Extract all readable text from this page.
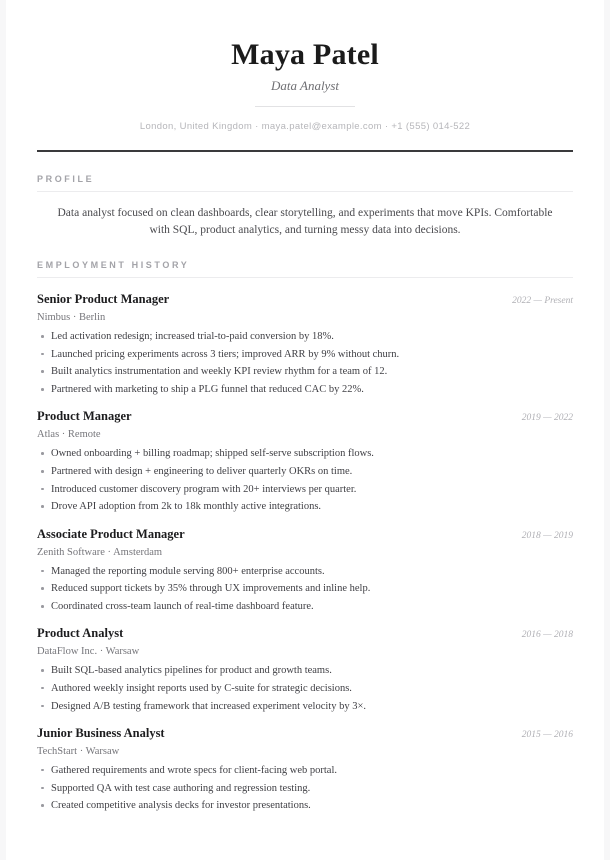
Maya Patel
Data Analyst
London, United Kingdom · maya.patel@example.com · +1 (555) 014-522
PROFILE
Data analyst focused on clean dashboards, clear storytelling, and experiments that move KPIs. Comfortable with SQL, product analytics, and turning messy data into decisions.
EMPLOYMENT HISTORY
Senior Product Manager	2022 — Present
Nimbus · Berlin
Led activation redesign; increased trial-to-paid conversion by 18%.
Launched pricing experiments across 3 tiers; improved ARR by 9% without churn.
Built analytics instrumentation and weekly KPI review rhythm for a team of 12.
Partnered with marketing to ship a PLG funnel that reduced CAC by 22%.
Product Manager	2019 — 2022
Atlas · Remote
Owned onboarding + billing roadmap; shipped self-serve subscription flows.
Partnered with design + engineering to deliver quarterly OKRs on time.
Introduced customer discovery program with 20+ interviews per quarter.
Drove API adoption from 2k to 18k monthly active integrations.
Associate Product Manager	2018 — 2019
Zenith Software · Amsterdam
Managed the reporting module serving 800+ enterprise accounts.
Reduced support tickets by 35% through UX improvements and inline help.
Coordinated cross-team launch of real-time dashboard feature.
Product Analyst	2016 — 2018
DataFlow Inc. · Warsaw
Built SQL-based analytics pipelines for product and growth teams.
Authored weekly insight reports used by C-suite for strategic decisions.
Designed A/B testing framework that increased experiment velocity by 3×.
Junior Business Analyst	2015 — 2016
TechStart · Warsaw
Gathered requirements and wrote specs for client-facing web portal.
Supported QA with test case authoring and regression testing.
Created competitive analysis decks for investor presentations.
